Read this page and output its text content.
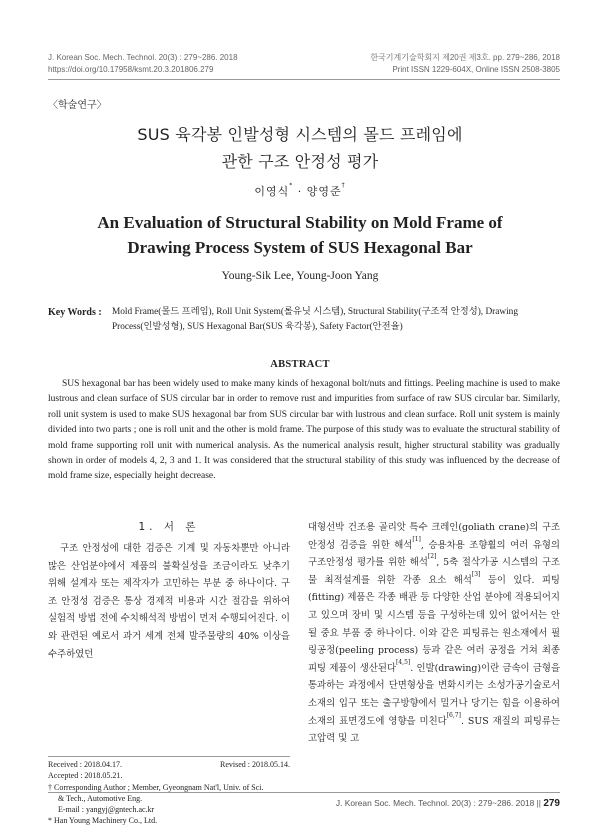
J. Korean Soc. Mech. Technol. 20(3) : 279~286. 2018
https://doi.org/10.17958/ksmt.20.3.201806.279
한국기계기술학회지 제20권 제3호. pp. 279~286, 2018
Print ISSN 1229-604X, Online ISSN 2508-3805
〈학술연구〉
SUS 육각봉 인발성형 시스템의 몰드 프레임에
관한 구조 안정성 평가
이영식* · 양영준†
An Evaluation of Structural Stability on Mold Frame of
Drawing Process System of SUS Hexagonal Bar
Young-Sik Lee, Young-Joon Yang
Key Words : Mold Frame(몰드 프레임), Roll Unit System(롤유닛 시스템), Structural Stability(구조적 안정성), Drawing Process(인발성형), SUS Hexagonal Bar(SUS 육각봉), Safety Factor(안전율)
ABSTRACT
SUS hexagonal bar has been widely used to make many kinds of hexagonal bolt/nuts and fittings. Peeling machine is used to make lustrous and clean surface of SUS circular bar in order to remove rust and impurities from surface of raw SUS circular bar. Similarly, roll unit system is used to make SUS hexagonal bar from SUS circular bar with lustrous and clean surface. Roll unit system is mainly divided into two parts ; one is roll unit and the other is mold frame. The purpose of this study was to evaluate the structural stability of mold frame supporting roll unit with numerical analysis. As the numerical analysis result, higher structural stability was gradually shown in order of models 4, 2, 3 and 1. It was considered that the structural stability of this study was influenced by the decrease of mold frame size, especially height decrease.
1. 서 론
구조 안정성에 대한 검증은 기계 및 자동차뿐만 아니라 많은 산업분야에서 제품의 불확실성을 조금이라도 낮추기 위해 설계자 또는 제작자가 고민하는 부분 중 하나이다. 구조 안정성 검증은 통상 경제적 비용과 시간 절감을 위하여 실험적 방법 전에 수치해석적 방법이 먼저 수행되어진다. 이와 관련된 예로서 과거 세계 전체 발주물량의 40% 이상을 수주하였던
Received : 2018.04.17.	Revised : 2018.05.14.
Accepted : 2018.05.21.
† Corresponding Author ; Member, Gyeongnam Nat'l, Univ. of Sci.
& Tech., Automotive Eng.
E-mail : yangyj@gntech.ac.kr
* Han Young Machinery Co., Ltd.
대형선박 건조용 골리앗 특수 크레인(goliath crane)의 구조안정성 검증을 위한 해석[1], 승용차용 조향휠의 여러 유형의 구조안정성 평가를 위한 해석[2], 5축 절삭가공 시스템의 구조물 최적설계를 위한 각종 요소 해석[3] 등이 있다. 피팅(fitting) 제품은 각종 배관 등 다양한 산업 분야에 적용되어지고 있으며 장비 및 시스템 등을 구성하는데 있어 없어서는 안될 중요 부품 중 하나이다. 이와 같은 피팅류는 원소재에서 필링공정(peeling process) 등과 같은 여러 공정을 거쳐 최종 피팅 제품이 생산된다[4,5]. 인발(drawing)이란 금속이 금형을 통과하는 과정에서 단면형상을 변화시키는 소성가공기술로서 소재의 입구 또는 출구방향에서 밀거나 당기는 힘을 이용하여 소재의 표면경도에 영향을 미친다[6,7]. SUS 재질의 피팅류는 고압력 및 고
J. Korean Soc. Mech. Technol. 20(3) : 279~286. 2018 || 279
